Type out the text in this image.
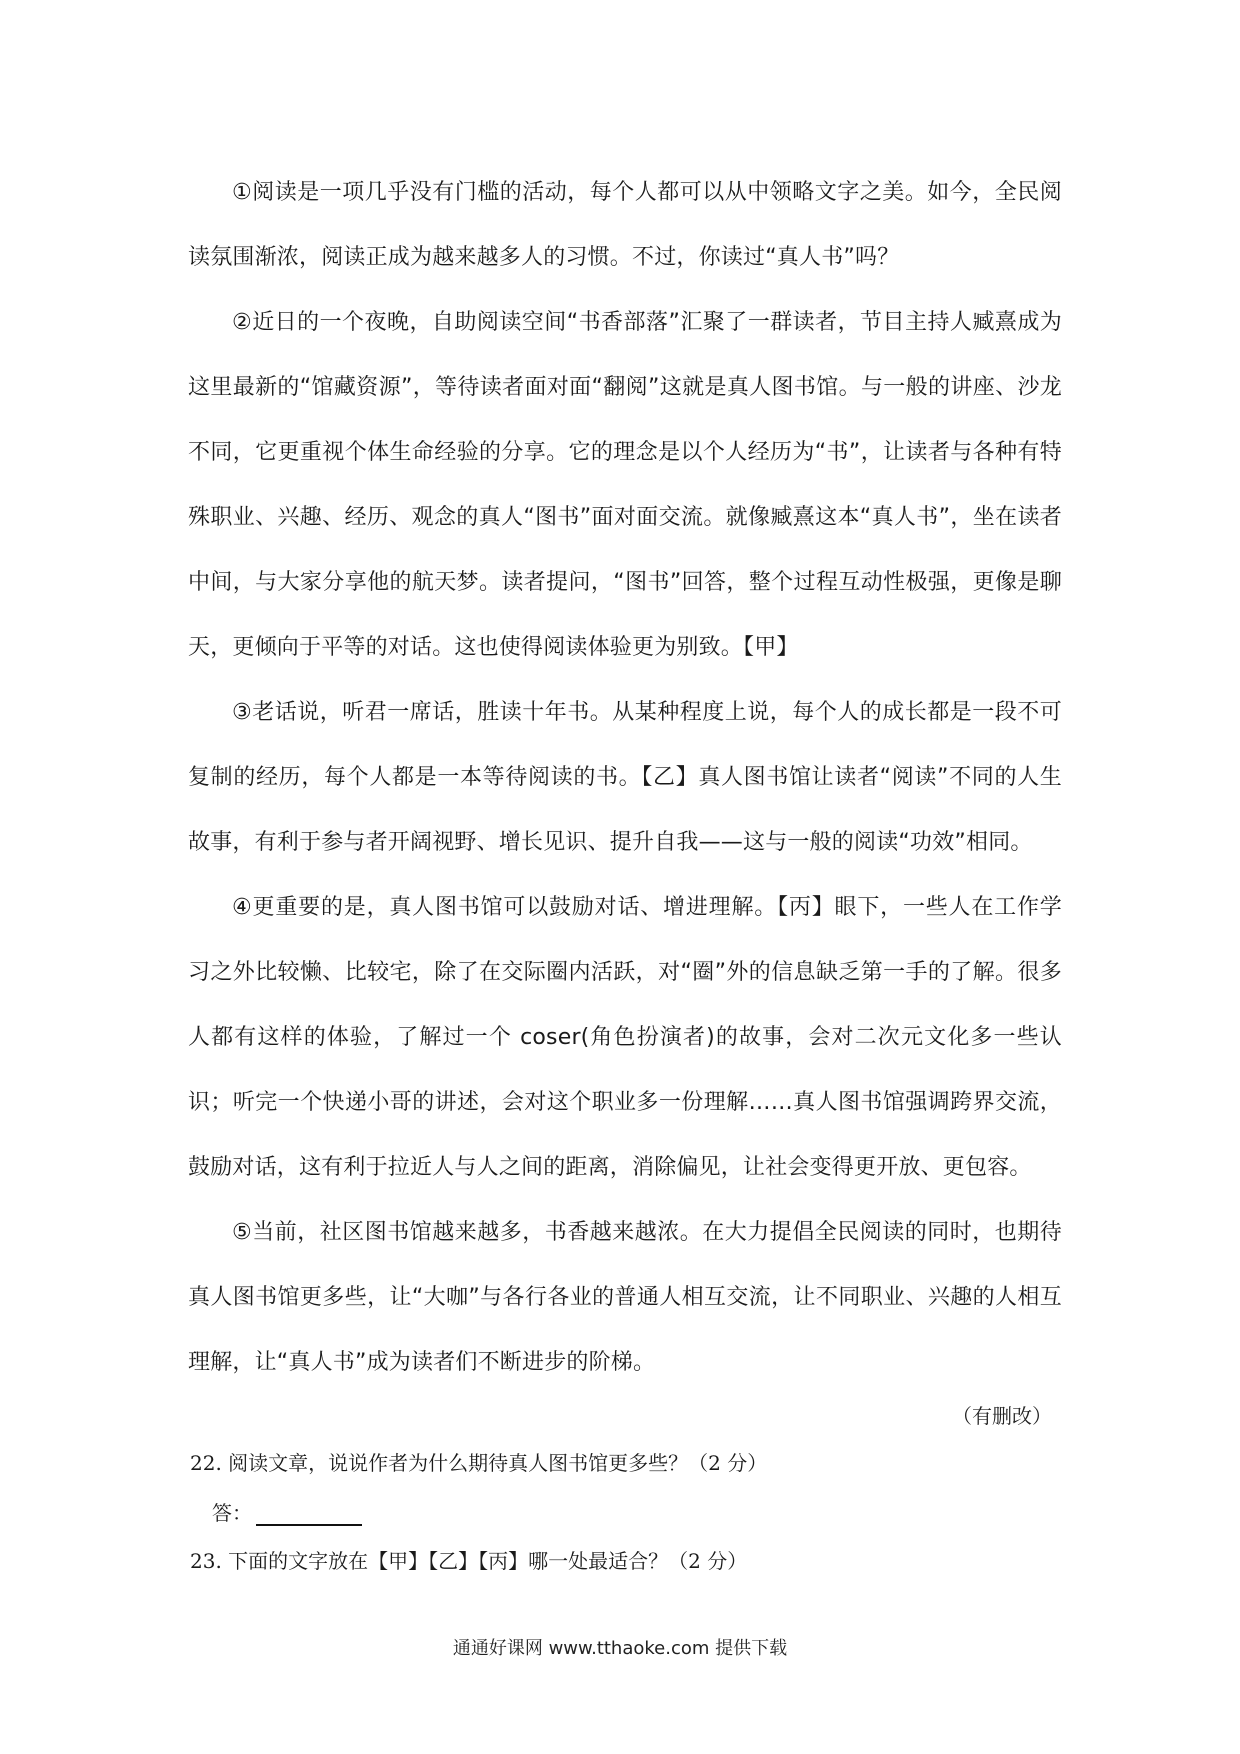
①阅读是一项几乎没有门槛的活动，每个人都可以从中领略文字之美。如今，全民阅读氛围渐浓，阅读正成为越来越多人的习惯。不过，你读过“真人书”吗？

②近日的一个夜晚，自助阅读空间“书香部落”汇聚了一群读者，节目主持人臧熹成为这里最新的“馆藏资源”，等待读者面对面“翻阅”这就是真人图书馆。与一般的讲座、沙龙不同，它更重视个体生命经验的分享。它的理念是以个人经历为“书”，让读者与各种有特殊职业、兴趣、经历、观念的真人“图书”面对面交流。就像臧熹这本“真人书”，坐在读者中间，与大家分享他的航天梦。读者提问，“图书”回答，整个过程互动性极强，更像是聊天，更倾向于平等的对话。这也使得阅读体验更为别致。【甲】

③老话说，听君一席话，胜读十年书。从某种程度上说，每个人的成长都是一段不可复制的经历，每个人都是一本等待阅读的书。【乙】真人图书馆让读者“阅读”不同的人生故事，有利于参与者开阔视野、增长见识、提升自我——这与一般的阅读“功效”相同。

④更重要的是，真人图书馆可以鼓励对话、增进理解。【丙】眼下，一些人在工作学习之外比较懒、比较宅，除了在交际圈内活跃，对“圈”外的信息缺乏第一手的了解。很多人都有这样的体验，了解过一个 coser(角色扮演者)的故事，会对二次元文化多一些认识；听完一个快递小哥的讲述，会对这个职业多一份理解……真人图书馆强调跨界交流，鼓励对话，这有利于拉近人与人之间的距离，消除偏见，让社会变得更开放、更包容。

⑤当前，社区图书馆越来越多，书香越来越浓。在大力提倡全民阅读的同时，也期待真人图书馆更多些，让“大咖”与各行各业的普通人相互交流，让不同职业、兴趣的人相互理解，让“真人书”成为读者们不断进步的阶梯。

（有删改）

22. 阅读文章，说说作者为什么期待真人图书馆更多些？（2 分）

答：

23. 下面的文字放在【甲】【乙】【丙】哪一处最适合？（2 分）

通通好课网 www.tthaoke.com 提供下载
